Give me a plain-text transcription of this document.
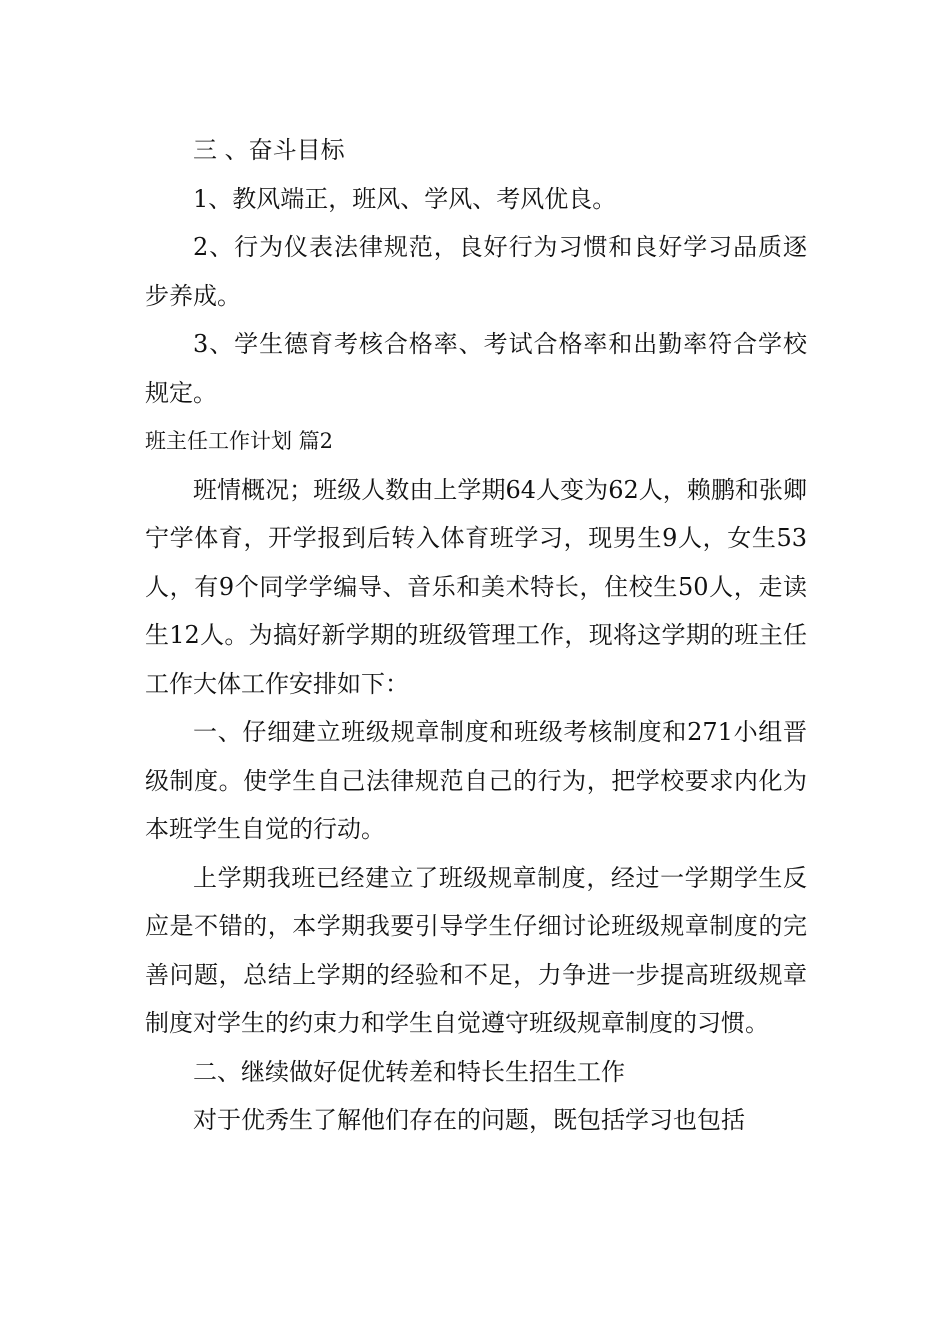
三 、奋斗目标

1、教风端正，班风、学风、考风优良。

2、行为仪表法律规范，良好行为习惯和良好学习品质逐步养成。

3、学生德育考核合格率、考试合格率和出勤率符合学校规定。

班主任工作计划 篇2

班情概况；班级人数由上学期64人变为62人，赖鹏和张卿宁学体育，开学报到后转入体育班学习，现男生9人，女生53人，有9个同学学编导、音乐和美术特长，住校生50人，走读生12人。为搞好新学期的班级管理工作，现将这学期的班主任工作大体工作安排如下：

一、仔细建立班级规章制度和班级考核制度和271小组晋级制度。使学生自己法律规范自己的行为，把学校要求内化为本班学生自觉的行动。

上学期我班已经建立了班级规章制度，经过一学期学生反应是不错的，本学期我要引导学生仔细讨论班级规章制度的完善问题，总结上学期的经验和不足，力争进一步提高班级规章制度对学生的约束力和学生自觉遵守班级规章制度的习惯。

二、继续做好促优转差和特长生招生工作

对于优秀生了解他们存在的问题，既包括学习也包括
